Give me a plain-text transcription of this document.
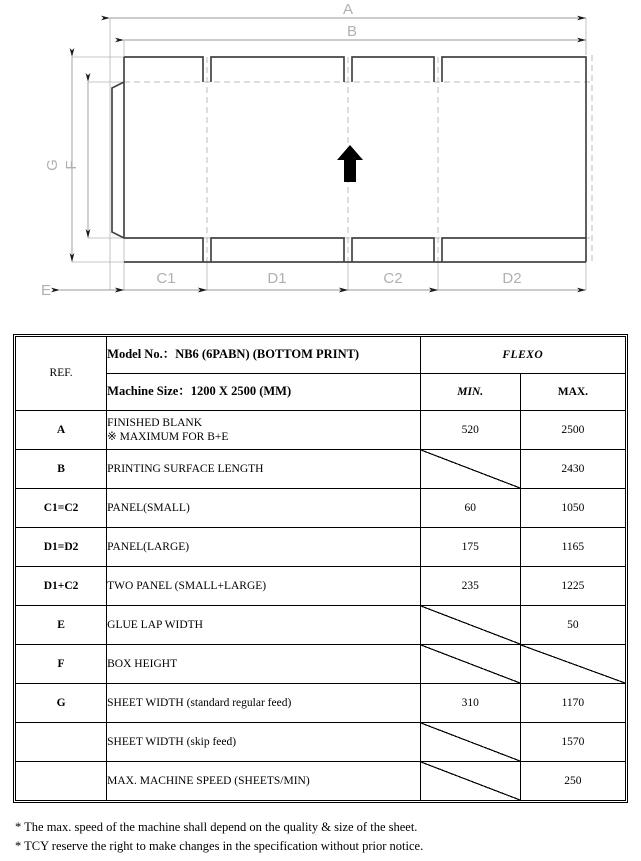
A
B
G F
E
C1	D1	C2	D2
REF.	Model No.：NB6 (6PABN) (BOTTOM PRINT)	FLEXO	
	Machine Size：1200 X 2500 (MM)	MIN.	MAX.
A	FINISHED BLANK
※ MAXIMUM FOR B+E	520	2500
B	PRINTING SURFACE LENGTH		2430
C1=C2	PANEL(SMALL)	60	1050
D1=D2	PANEL(LARGE)	175	1165
D1+C2	TWO PANEL (SMALL+LARGE)	235	1225
E	GLUE LAP WIDTH		50
F	BOX HEIGHT		
G	SHEET WIDTH (standard regular feed)	310	1170
	SHEET WIDTH (skip feed)		1570
	MAX. MACHINE SPEED (SHEETS/MIN)		250
* The max. speed of the machine shall depend on the quality & size of the sheet.
* TCY reserve the right to make changes in the specification without prior notice.
